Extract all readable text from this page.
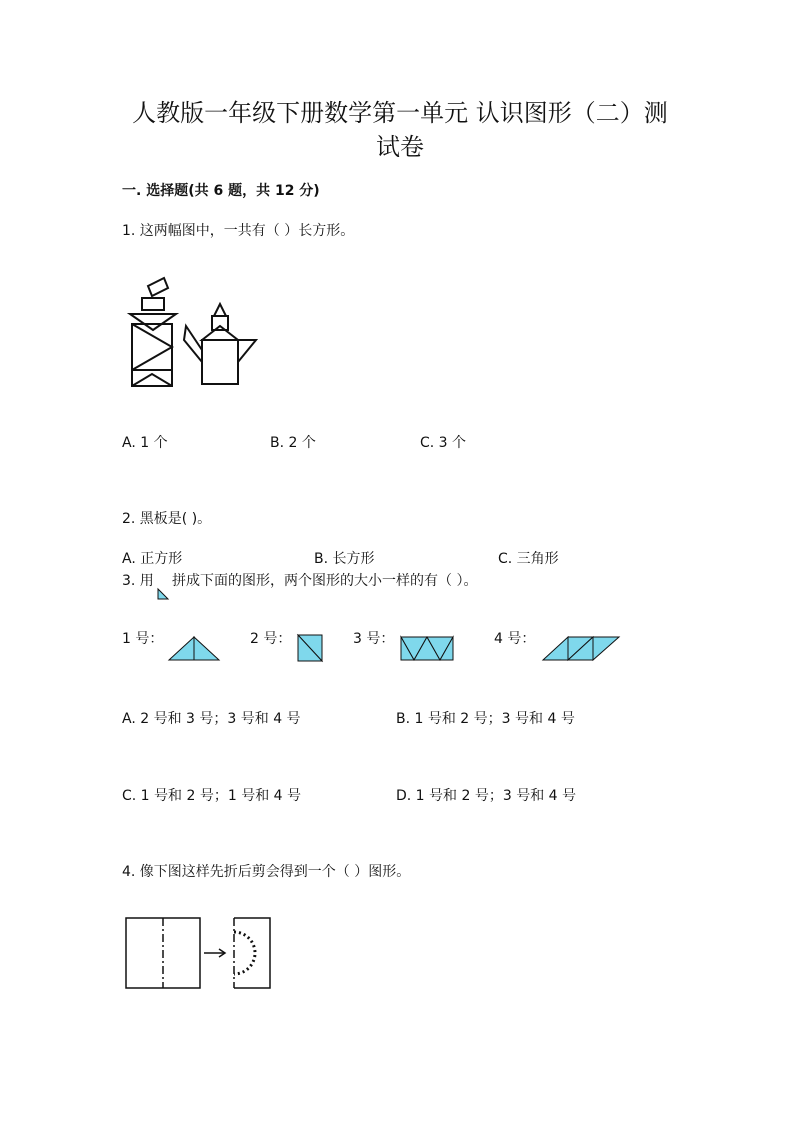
人教版一年级下册数学第一单元 认识图形（二）测
试卷
一. 选择题(共 6 题，共 12 分)
1. 这两幅图中，一共有（ ）长方形。
A. 1 个	B. 2 个	C. 3 个
2. 黑板是( )。
A. 正方形	B. 长方形	C. 三角形
3. 用 拼成下面的图形，两个图形的大小一样的有（ ）。
1 号：	2 号：	3 号：	4 号：
A. 2 号和 3 号；3 号和 4 号	B. 1 号和 2 号；3 号和 4 号
C. 1 号和 2 号；1 号和 4 号	D. 1 号和 2 号；3 号和 4 号
4. 像下图这样先折后剪会得到一个（ ）图形。
